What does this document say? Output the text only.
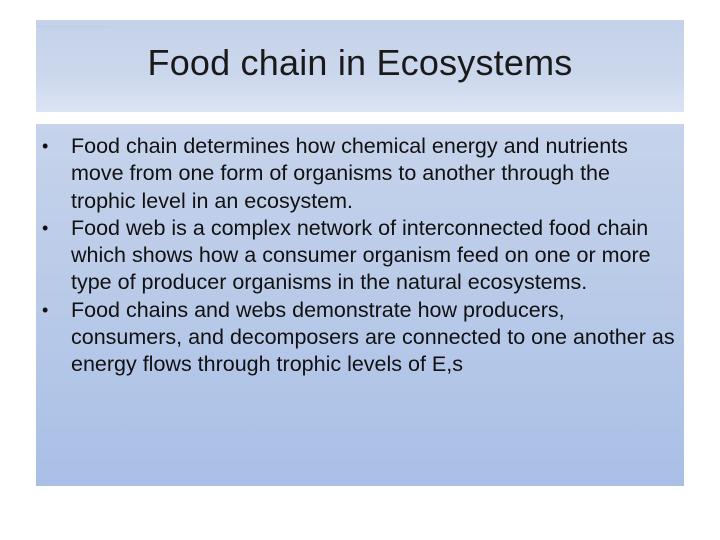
Food chain in Ecosystems
• Food chain determines how chemical energy and nutrients move from one form of organisms to another through the trophic level in an ecosystem.
• Food web is a complex network of interconnected food chain which shows how a consumer organism feed on one or more type of producer organisms in the natural ecosystems.
• Food chains and webs demonstrate how producers, consumers, and decomposers are connected to one another as energy flows through trophic levels of E,s
